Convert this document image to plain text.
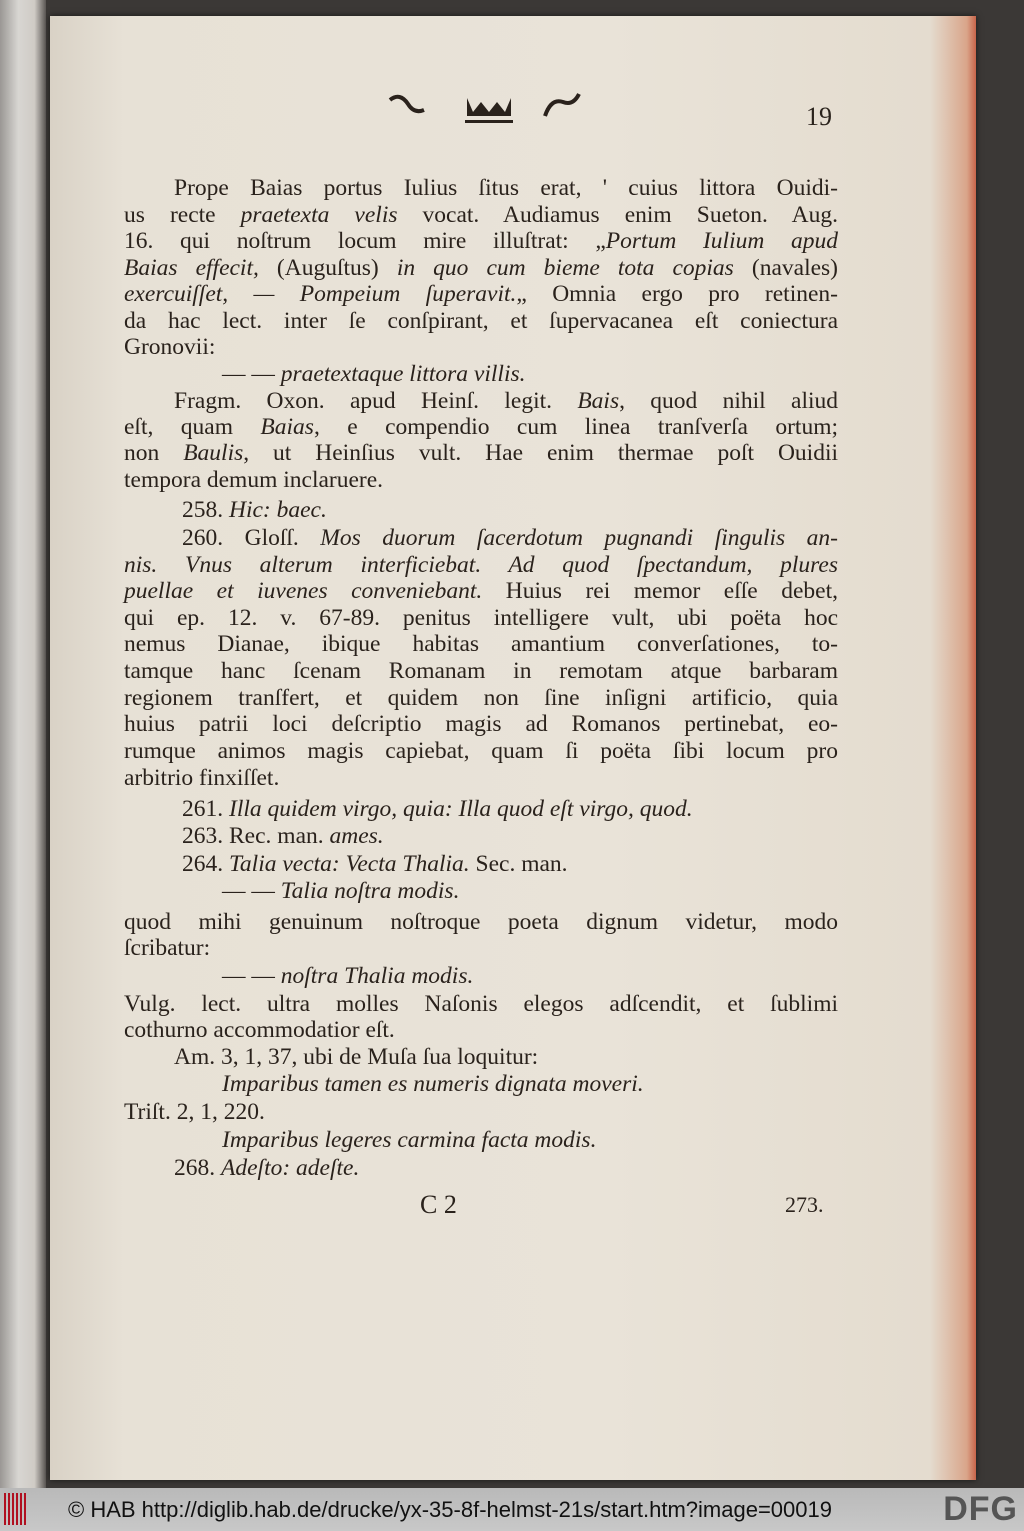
19
Prope Baias portus Iulius ſitus erat, ' cuius littora Ouidi-
us recte praetexta velis vocat. Audiamus enim Sueton. Aug.
16. qui noſtrum locum mire illuſtrat: „Portum Iulium apud
Baias effecit, (Auguſtus) in quo cum bieme tota copias (navales)
exercuiſſet, — Pompeium ſuperavit.„ Omnia ergo pro retinen-
da hac lect. inter ſe conſpirant, et ſupervacanea eſt coniectura
Gronovii:
— — praetextaque littora villis.
Fragm. Oxon. apud Heinſ. legit. Bais, quod nihil aliud
eſt, quam Baias, e compendio cum linea tranſverſa ortum;
non Baulis, ut Heinſius vult. Hae enim thermae poſt Ouidii
tempora demum inclaruere.
258. Hic: baec.
260. Gloſſ. Mos duorum ſacerdotum pugnandi ſingulis an-
nis. Vnus alterum interficiebat. Ad quod ſpectandum, plures
puellae et iuvenes conveniebant. Huius rei memor eſſe debet,
qui ep. 12. v. 67-89. penitus intelligere vult, ubi poëta hoc
nemus Dianae, ibique habitas amantium converſationes, to-
tamque hanc ſcenam Romanam in remotam atque barbaram
regionem tranſfert, et quidem non ſine inſigni artificio, quia
huius patrii loci deſcriptio magis ad Romanos pertinebat, eo-
rumque animos magis capiebat, quam ſi poëta ſibi locum pro
arbitrio finxiſſet.
261. Illa quidem virgo, quia: Illa quod eſt virgo, quod.
263. Rec. man. ames.
264. Talia vecta: Vecta Thalia. Sec. man.
— — Talia noſtra modis.
quod mihi genuinum noſtroque poeta dignum videtur, modo
ſcribatur:
— — noſtra Thalia modis.
Vulg. lect. ultra molles Naſonis elegos adſcendit, et ſublimi
cothurno accommodatior eſt.
Am. 3, 1, 37, ubi de Muſa ſua loquitur:
Imparibus tamen es numeris dignata moveri.
Triſt. 2, 1, 220.
Imparibus legeres carmina facta modis.
268. Adeſto: adeſte.
C 2	273.
© HAB http://diglib.hab.de/drucke/yx-35-8f-helmst-21s/start.htm?image=00019	DFG
